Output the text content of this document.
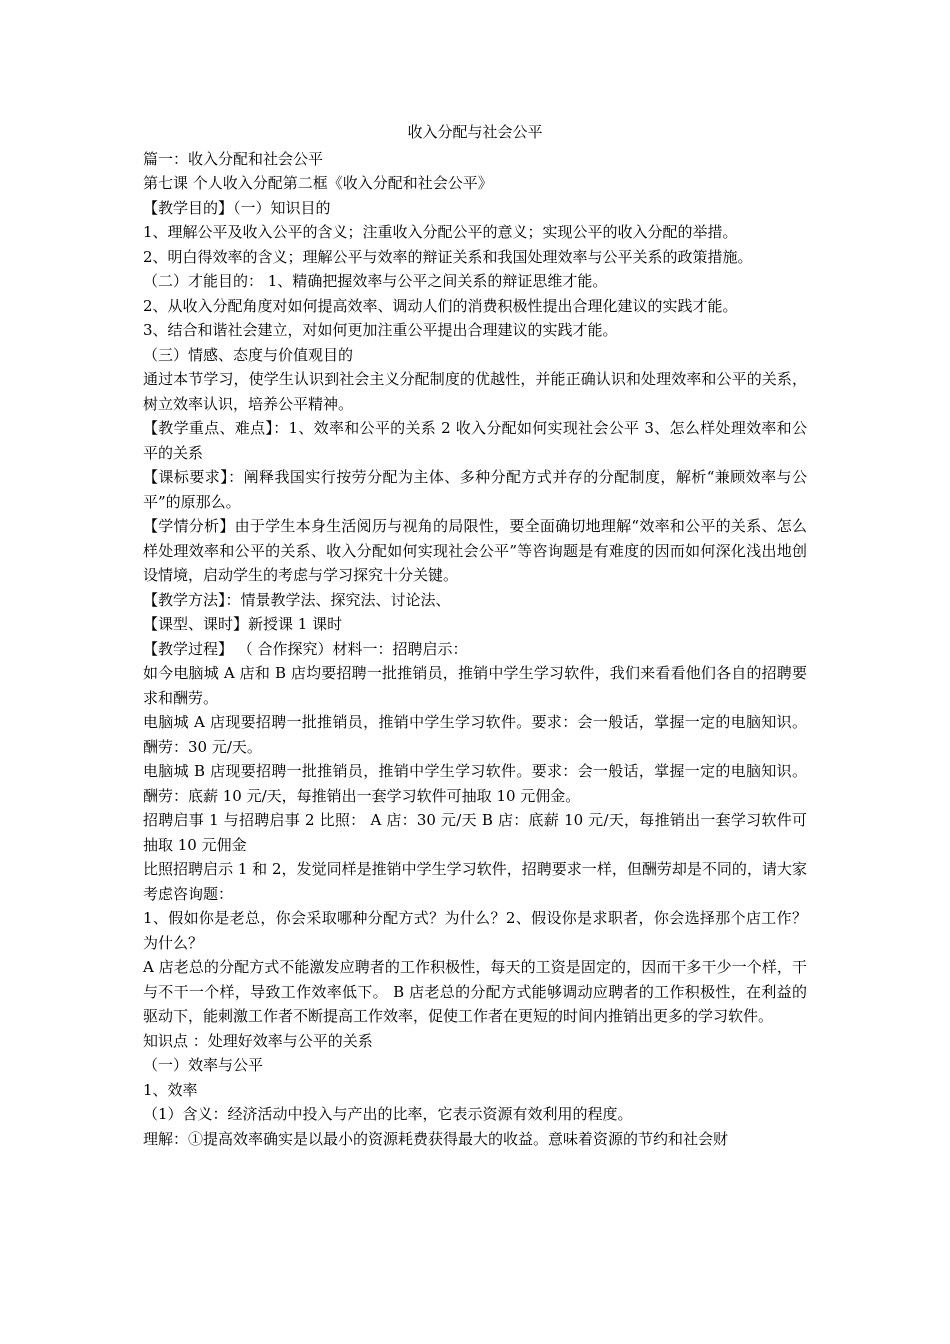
收入分配与社会公平

篇一：收入分配和社会公平

第七课 个人收入分配第二框《收入分配和社会公平》

【教学目的】（一）知识目的

1、理解公平及收入公平的含义；注重收入分配公平的意义；实现公平的收入分配的举措。

2、明白得效率的含义；理解公平与效率的辩证关系和我国处理效率与公平关系的政策措施。

（二）才能目的： 1、精确把握效率与公平之间关系的辩证思维才能。

2、从收入分配角度对如何提高效率、调动人们的消费积极性提出合理化建议的实践才能。

3、结合和谐社会建立，对如何更加注重公平提出合理建议的实践才能。

（三）情感、态度与价值观目的

通过本节学习，使学生认识到社会主义分配制度的优越性，并能正确认识和处理效率和公平的关系，树立效率认识，培养公平精神。

【教学重点、难点】：1、效率和公平的关系 2 收入分配如何实现社会公平 3、怎么样处理效率和公平的关系

【课标要求】：阐释我国实行按劳分配为主体、多种分配方式并存的分配制度，解析“兼顾效率与公平”的原那么。

【学情分析】由于学生本身生活阅历与视角的局限性，要全面确切地理解“效率和公平的关系、怎么样处理效率和公平的关系、收入分配如何实现社会公平”等咨询题是有难度的因而如何深化浅出地创设情境，启动学生的考虑与学习探究十分关键。

【教学方法】：情景教学法、探究法、讨论法、

【课型、课时】新授课 1 课时

【教学过程】 （ 合作探究）材料一：招聘启示：

如今电脑城 A 店和 B 店均要招聘一批推销员，推销中学生学习软件，我们来看看他们各自的招聘要求和酬劳。

电脑城 A 店现要招聘一批推销员，推销中学生学习软件。要求：会一般话，掌握一定的电脑知识。酬劳：30 元/天。

电脑城 B 店现要招聘一批推销员，推销中学生学习软件。要求：会一般话，掌握一定的电脑知识。酬劳：底薪 10 元/天，每推销出一套学习软件可抽取 10 元佣金。

招聘启事 1 与招聘启事 2 比照： A 店：30 元/天 B 店：底薪 10 元/天，每推销出一套学习软件可抽取 10 元佣金

比照招聘启示 1 和 2，发觉同样是推销中学生学习软件，招聘要求一样，但酬劳却是不同的，请大家考虑咨询题：

1、假如你是老总，你会采取哪种分配方式？为什么？2、假设你是求职者，你会选择那个店工作？为什么？

A 店老总的分配方式不能激发应聘者的工作积极性，每天的工资是固定的，因而干多干少一个样，干与不干一个样，导致工作效率低下。 B 店老总的分配方式能够调动应聘者的工作积极性，在利益的驱动下，能刺激工作者不断提高工作效率，促使工作者在更短的时间内推销出更多的学习软件。

知识点 ：处理好效率与公平的关系

（一）效率与公平

1、效率

（1）含义：经济活动中投入与产出的比率，它表示资源有效利用的程度。

理解：①提高效率确实是以最小的资源耗费获得最大的收益。意味着资源的节约和社会财
